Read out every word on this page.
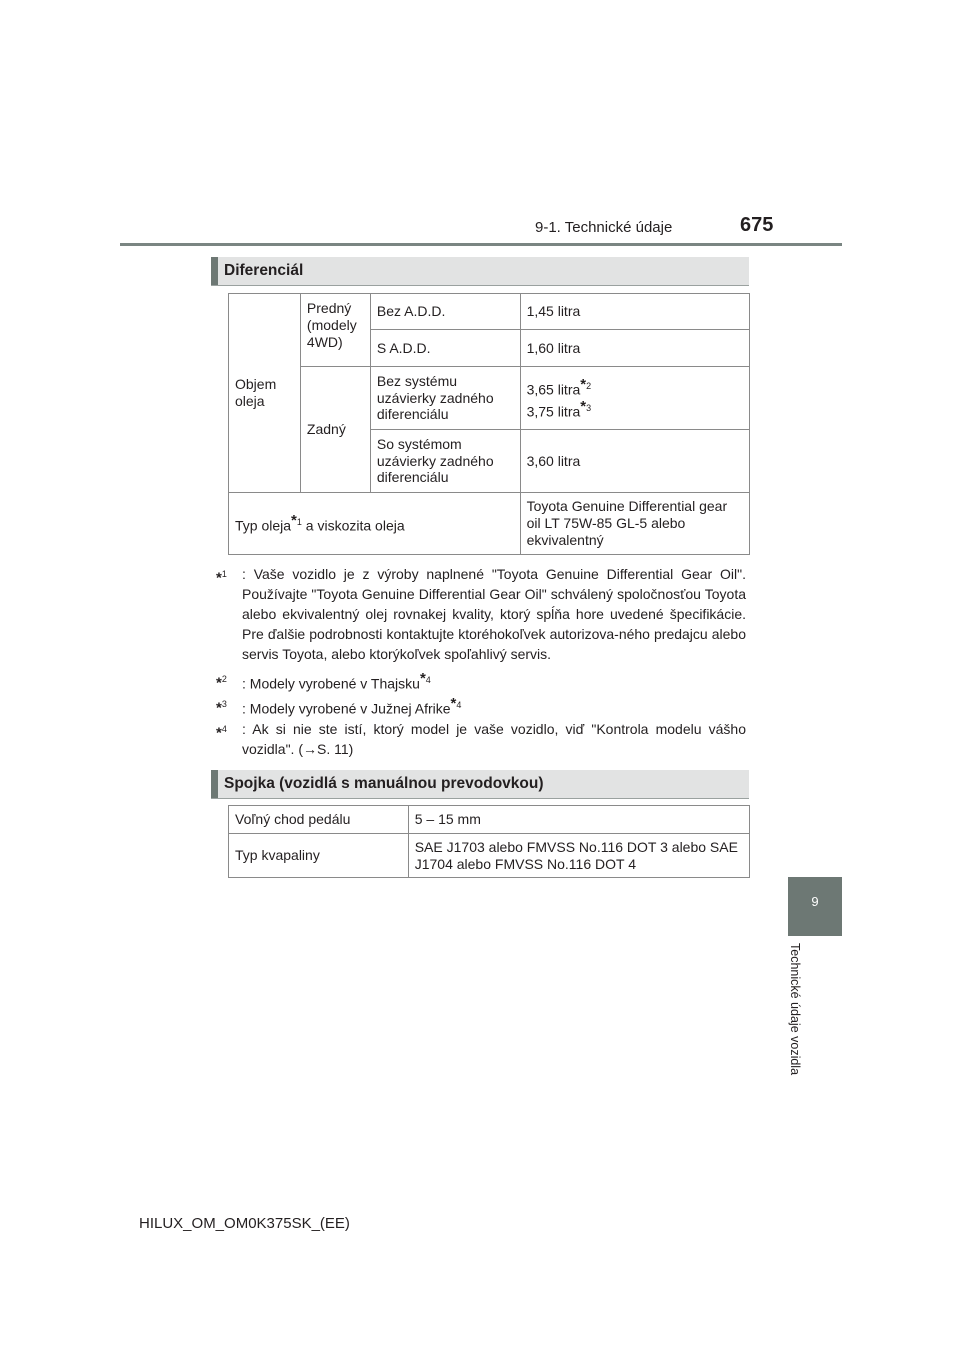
9-1. Technické údaje	675
9
Technické údaje vozidla
Diferenciál
Objem oleja	Predný (modely 4WD)	Bez A.D.D.	1,45 litra
		S A.D.D.	1,60 litra
	Zadný	Bez systému uzávierky zadného diferenciálu	3,65 litra$^{*2}$
3,75 litra$^{*3}$
		So systémom uzávierky zadného diferenciálu	3,60 litra
Typ oleja$^{*1}$ a viskozita oleja			Toyota Genuine Differential gear oil LT 75W-85 GL-5 alebo ekvivalentný
*$^1$ : Vaše vozidlo je z výroby naplnené "Toyota Genuine Differential Gear Oil". Používajte "Toyota Genuine Differential Gear Oil" schválený spoločnosťou Toyota alebo ekvivalentný olej rovnakej kvality, ktorý spĺňa hore uvedené špecifikácie. Pre ďalšie podrobnosti kontaktujte ktoréhokoľvek autorizova-ného predajcu alebo servis Toyota, alebo ktorýkoľvek spoľahlivý servis.
*$^2$ : Modely vyrobené v Thajsku$^{*4}$
*$^3$ : Modely vyrobené v Južnej Afrike$^{*4}$
*$^4$ : Ak si nie ste istí, ktorý model je vaše vozidlo, viď "Kontrola modelu vášho vozidla". (→S. 11)
Spojka (vozidlá s manuálnou prevodovkou)
Voľný chod pedálu	5 – 15 mm
Typ kvapaliny	SAE J1703 alebo FMVSS No.116 DOT 3 alebo SAE J1704 alebo FMVSS No.116 DOT 4
HILUX_OM_OM0K375SK_(EE)
